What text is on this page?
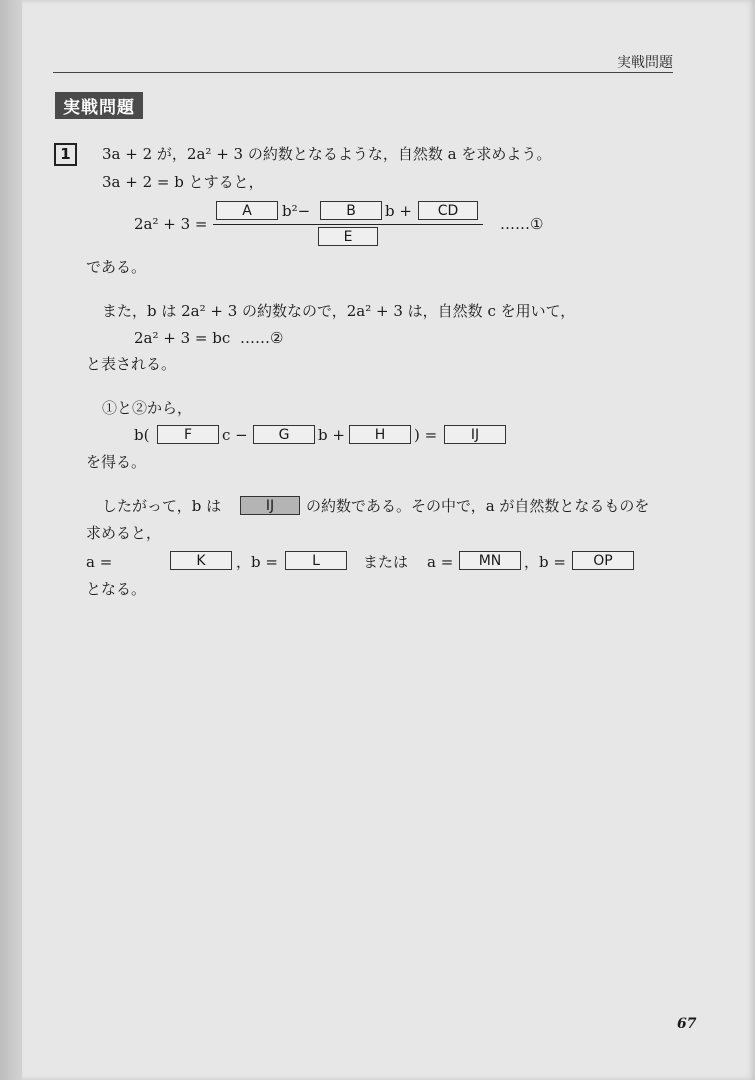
実戦問題
実戦問題
1	3a + 2 が，2a² + 3 の約数となるような，自然数 a を求めよう。
3a + 2 = b とすると，
2a² + 3 =
A	b²−	B	b +	CD
E
……①
である。
また，b は 2a² + 3 の約数なので，2a² + 3 は，自然数 c を用いて，
2a² + 3 = bc ……②
と表される。
①と②から，
b(	F	c −	G	b +	H	) =	IJ
を得る。
したがって，b は	IJ	の約数である。その中で，a が自然数となるものを
求めると，
a =	K	，b =	L	または a =	MN	，b =	OP
となる。
67
